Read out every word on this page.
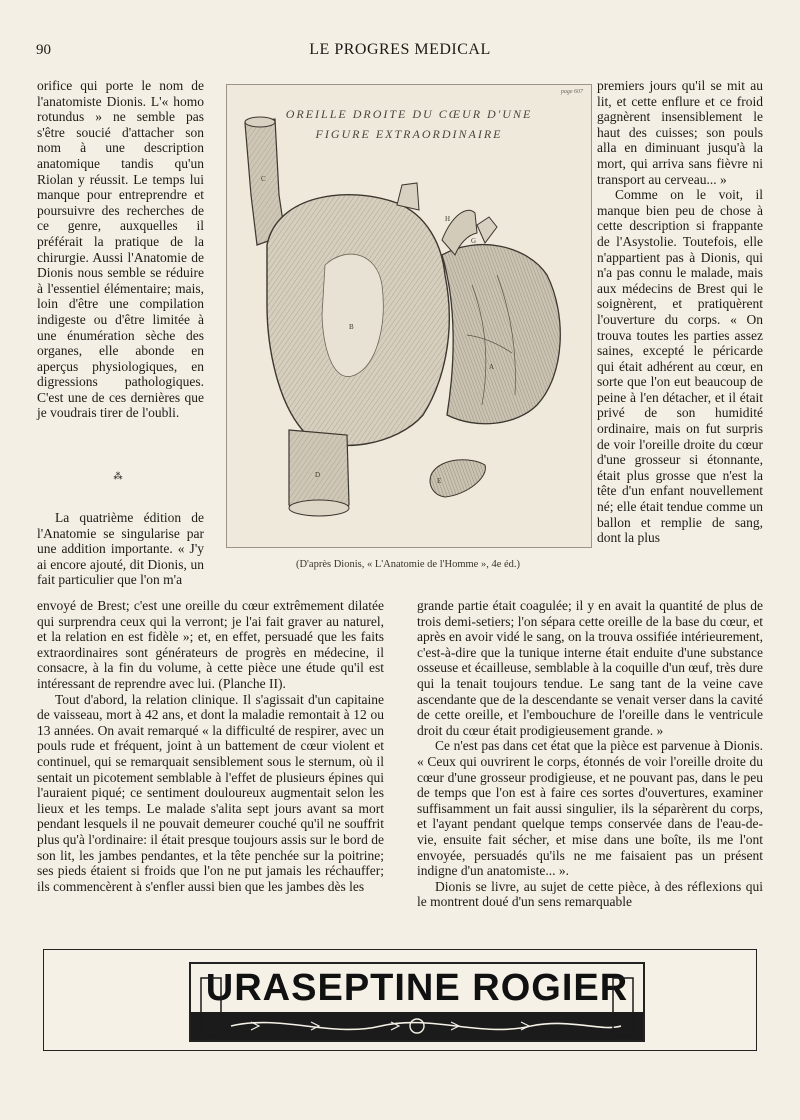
90	LE PROGRES MEDICAL

orifice qui porte le nom de l'anatomiste Dionis. L'« homo rotundus » ne semble pas s'être soucié d'attacher son nom à une description anatomique tandis qu'un Riolan y réussit. Le temps lui manque pour entreprendre et poursuivre des recherches de ce genre, auxquelles il préférait la pratique de la chirurgie. Aussi l'Anatomie de Dionis nous semble se réduire à l'essentiel élémentaire; mais, loin d'être une compilation indigeste ou d'être limitée à une énumération sèche des organes, elle abonde en aperçus physiologiques, en digressions pathologiques. C'est une de ces dernières que je voudrais tirer de l'oubli.

⁂

La quatrième édition de l'Anatomie se singularise par une addition importante. « J'y ai encore ajouté, dit Dionis, un fait particulier que l'on m'a

C
H
G
B
A
D
E
page 607
OREILLE DROITE DU CŒUR D'UNE
FIGURE EXTRAORDINAIRE
(D'après Dionis, « L'Anatomie de l'Homme », 4e éd.)

premiers jours qu'il se mit au lit, et cette enflure et ce froid gagnèrent insensiblement le haut des cuisses; son pouls alla en diminuant jusqu'à la mort, qui arriva sans fièvre ni transport au cerveau... »

Comme on le voit, il manque bien peu de chose à cette description si frappante de l'Asystolie. Toutefois, elle n'appartient pas à Dionis, qui n'a pas connu le malade, mais aux médecins de Brest qui le soignèrent, et pratiquèrent l'ouverture du corps. « On trouva toutes les parties assez saines, excepté le péricarde qui était adhérent au cœur, en sorte que l'on eut beaucoup de peine à l'en détacher, et il était privé de son humidité ordinaire, mais on fut surpris de voir l'oreille droite du cœur d'une grosseur si étonnante, était plus grosse que n'est la tête d'un enfant nouvellement né; elle était tendue comme un ballon et remplie de sang, dont la plus

envoyé de Brest; c'est une oreille du cœur extrêmement dilatée qui surprendra ceux qui la verront; je l'ai fait graver au naturel, et la relation en est fidèle »; et, en effet, persuadé que les faits extraordinaires sont générateurs de progrès en médecine, il consacre, à la fin du volume, à cette pièce une étude qu'il est intéressant de reprendre avec lui. (Planche II).

Tout d'abord, la relation clinique. Il s'agissait d'un capitaine de vaisseau, mort à 42 ans, et dont la maladie remontait à 12 ou 13 années. On avait remarqué « la difficulté de respirer, avec un pouls rude et fréquent, joint à un battement de cœur violent et continuel, qui se remarquait sensiblement sous le sternum, où il sentait un picotement semblable à l'effet de plusieurs épines qui l'auraient piqué; ce sentiment douloureux augmentait selon les lieux et les temps. Le malade s'alita sept jours avant sa mort pendant lesquels il ne pouvait demeurer couché qu'il ne souffrit plus qu'à l'ordinaire: il était presque toujours assis sur le bord de son lit, les jambes pendantes, et la tête penchée sur la poitrine; ses pieds étaient si froids que l'on ne put jamais les réchauffer; ils commencèrent à s'enfler aussi bien que les jambes dès les

grande partie était coagulée; il y en avait la quantité de plus de trois demi-setiers; l'on sépara cette oreille de la base du cœur, et après en avoir vidé le sang, on la trouva ossifiée intérieurement, c'est-à-dire que la tunique interne était enduite d'une substance osseuse et écailleuse, semblable à la coquille d'un œuf, très dure qui la tenait toujours tendue. Le sang tant de la veine cave ascendante que de la descendante se venait verser dans la cavité de cette oreille, et l'embouchure de l'oreille dans le ventricule droit du cœur était prodigieusement grande. »

Ce n'est pas dans cet état que la pièce est parvenue à Dionis. « Ceux qui ouvrirent le corps, étonnés de voir l'oreille droite du cœur d'une grosseur prodigieuse, et ne pouvant pas, dans le peu de temps que l'on est à faire ces sortes d'ouvertures, examiner suffisamment un fait aussi singulier, ils la séparèrent du corps, et l'ayant pendant quelque temps conservée dans de l'eau-de-vie, ensuite fait sécher, et mise dans une boîte, ils me l'ont envoyée, persuadés qu'ils ne me faisaient pas un présent indigne d'un anatomiste... ».

Dionis se livre, au sujet de cette pièce, à des réflexions qui le montrent doué d'un sens remarquable

URASEPTINE ROGIER
